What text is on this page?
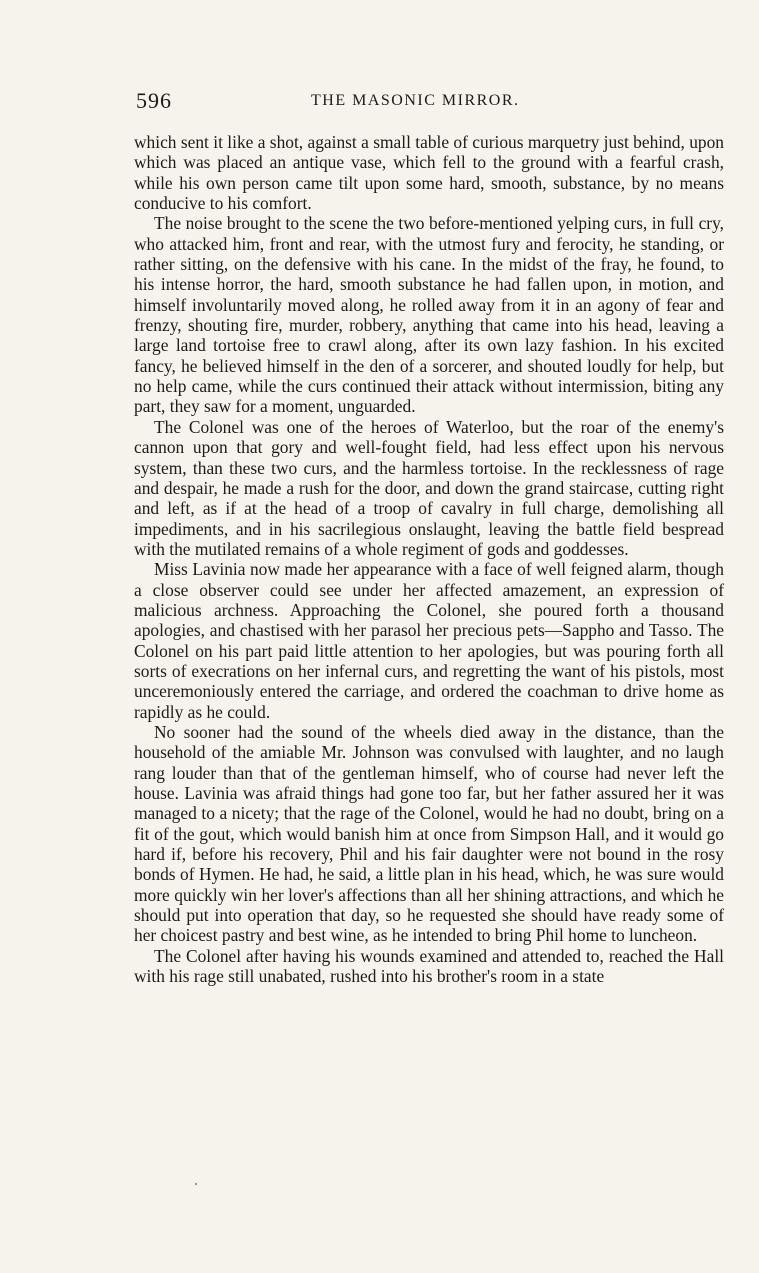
596	THE MASONIC MIRROR.

which sent it like a shot, against a small table of curious marquetry just behind, upon which was placed an antique vase, which fell to the ground with a fearful crash, while his own person came tilt upon some hard, smooth, substance, by no means conducive to his comfort.

The noise brought to the scene the two before-mentioned yelping curs, in full cry, who attacked him, front and rear, with the utmost fury and ferocity, he standing, or rather sitting, on the defensive with his cane. In the midst of the fray, he found, to his intense horror, the hard, smooth substance he had fallen upon, in motion, and himself involuntarily moved along, he rolled away from it in an agony of fear and frenzy, shouting fire, murder, robbery, anything that came into his head, leaving a large land tortoise free to crawl along, after its own lazy fashion. In his excited fancy, he believed himself in the den of a sorcerer, and shouted loudly for help, but no help came, while the curs continued their attack without intermission, biting any part, they saw for a moment, unguarded.

The Colonel was one of the heroes of Waterloo, but the roar of the enemy's cannon upon that gory and well-fought field, had less effect upon his nervous system, than these two curs, and the harmless tortoise. In the recklessness of rage and despair, he made a rush for the door, and down the grand staircase, cutting right and left, as if at the head of a troop of cavalry in full charge, demolishing all impediments, and in his sacrilegious onslaught, leaving the battle field bespread with the mutilated remains of a whole regiment of gods and goddesses.

Miss Lavinia now made her appearance with a face of well feigned alarm, though a close observer could see under her affected amazement, an expression of malicious archness. Approaching the Colonel, she poured forth a thousand apologies, and chastised with her parasol her precious pets—Sappho and Tasso. The Colonel on his part paid little attention to her apologies, but was pouring forth all sorts of execrations on her infernal curs, and regretting the want of his pistols, most unceremoniously entered the carriage, and ordered the coachman to drive home as rapidly as he could.

No sooner had the sound of the wheels died away in the distance, than the household of the amiable Mr. Johnson was convulsed with laughter, and no laugh rang louder than that of the gentleman himself, who of course had never left the house. Lavinia was afraid things had gone too far, but her father assured her it was managed to a nicety; that the rage of the Colonel, would he had no doubt, bring on a fit of the gout, which would banish him at once from Simpson Hall, and it would go hard if, before his recovery, Phil and his fair daughter were not bound in the rosy bonds of Hymen. He had, he said, a little plan in his head, which, he was sure would more quickly win her lover's affections than all her shining attractions, and which he should put into operation that day, so he requested she should have ready some of her choicest pastry and best wine, as he intended to bring Phil home to luncheon.

The Colonel after having his wounds examined and attended to, reached the Hall with his rage still unabated, rushed into his brother's room in a state
